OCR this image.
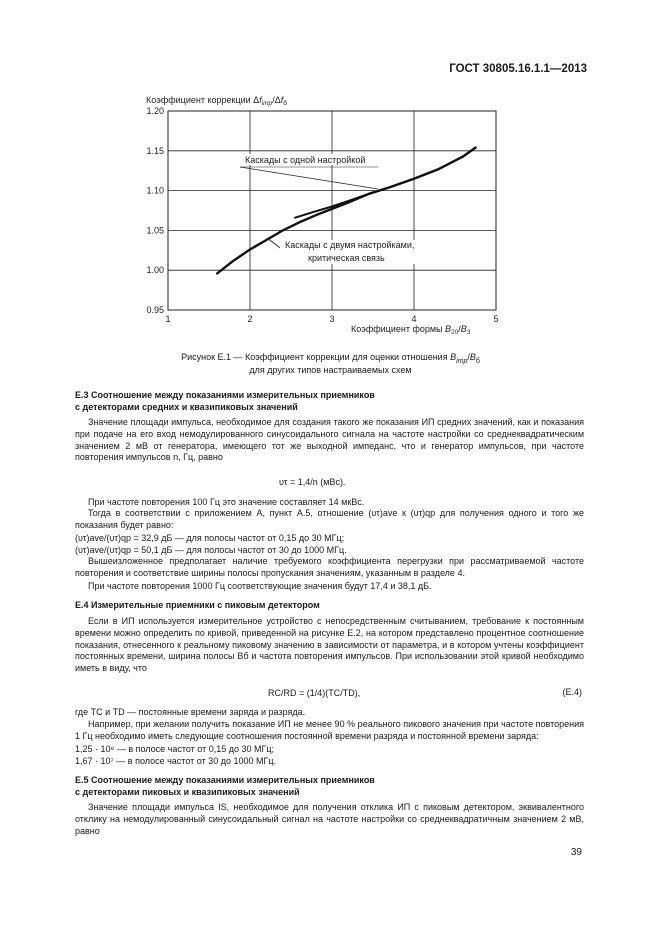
ГОСТ 30805.16.1.1—2013
Коэффициент коррекции $\Delta f_{imp}/\Delta f_б$
0.95
1.00
1.05
1.10
1.15
1.20
1	2	3	4	5
Коэффициент формы $B_{20}/B_3$
Каскады с одной настройкой
Каскады с двумя настройками,
критическая связь
Рисунок Е.1 — Коэффициент коррекции для оценки отношения $B_{imp}/B_б$
для других типов настраиваемых схем
Е.3 Соотношение между показаниями измерительных приемников
с детекторами средних и квазипиковых значений

Значение площади импульса, необходимое для создания такого же показания ИП средних значений, как и показания при подаче на его вход немодулированного синусоидального сигнала на частоте настройки со среднеквадратическим значением 2 мВ от генератора, имеющего тот же выходной импеданс, что и генератор импульсов, при частоте повторения импульсов n, Гц, равно

υτ = 1,4/n (мВс).
При частоте повторения 100 Гц это значение составляет 14 мкВс.

Тогда в соответствии с приложением А, пункт А.5, отношение (υτ)ave к (υτ)qp для получения одного и того же показания будет равно:

(υτ)ave/(υτ)qp = 32,9 дБ — для полосы частот от 0,15 до 30 МГц;
(υτ)ave/(υτ)qp = 50,1 дБ — для полосы частот от 30 до 1000 МГц.

Вышеизложенное предполагает наличие требуемого коэффициента перегрузки при рассматриваемой частоте повторения и соответствие ширины полосы пропускания значениям, указанным в разделе 4.

При частоте повторения 1000 Гц соответствующие значения будут 17,4 и 38,1 дБ.
Е.4 Измерительные приемники с пиковым детектором

Если в ИП используется измерительное устройство с непосредственным считыванием, требование к постоянным времени можно определить по кривой, приведенной на рисунке Е.2, на котором представлено процентное соотношение показания, отнесенного к реальному пиковому значению в зависимости от параметра, и в котором учтены коэффициент постоянных времени, ширина полосы Bб и частота повторения импульсов. При использовании этой кривой необходимо иметь в виду, что

RC/RD = (1/4)(TC/TD),	(Е.4)
где TC и TD — постоянные времени заряда и разряда.

Например, при желании получить показание ИП не менее 90 % реального пикового значения при частоте повторения 1 Гц необходимо иметь следующие соотношения постоянной времени разряда и постоянной времени заряда:

1,25 · 10⁸ — в полосе частот от 0,15 до 30 МГц;
1,67 · 10⁷ — в полосе частот от 30 до 1000 МГц.
Е.5 Соотношение между показаниями измерительных приемников
с детекторами пиковых и квазипиковых значений

Значение площади импульса IS, необходимое для получения отклика ИП с пиковым детектором, эквивалентного отклику на немодулированный синусоидальный сигнал на частоте настройки со среднеквадратичным значением 2 мВ, равно

39
